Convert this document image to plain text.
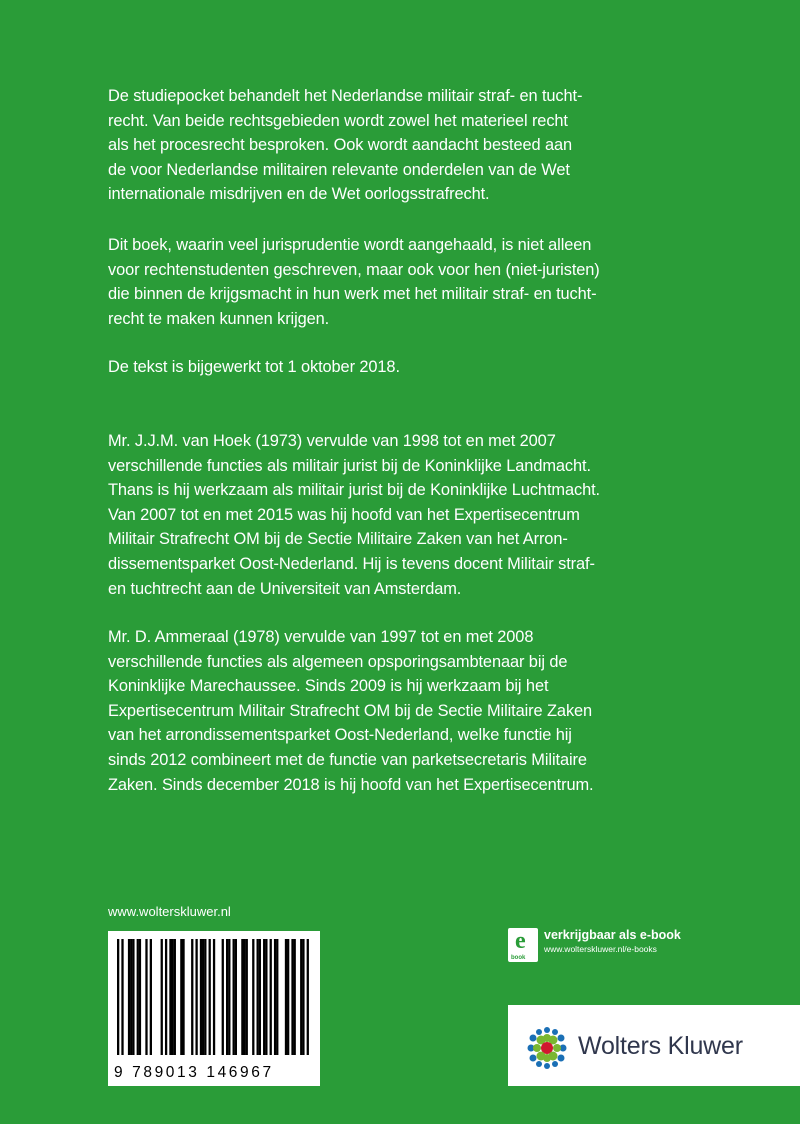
De studiepocket behandelt het Nederlandse militair straf- en tucht-
recht. Van beide rechtsgebieden wordt zowel het materieel recht
als het procesrecht besproken. Ook wordt aandacht besteed aan
de voor Nederlandse militairen relevante onderdelen van de Wet
internationale misdrijven en de Wet oorlogsstrafrecht.

Dit boek, waarin veel jurisprudentie wordt aangehaald, is niet alleen
voor rechtenstudenten geschreven, maar ook voor hen (niet-juristen)
die binnen de krijgsmacht in hun werk met het militair straf- en tucht-
recht te maken kunnen krijgen.

De tekst is bijgewerkt tot 1 oktober 2018.

Mr. J.J.M. van Hoek (1973) vervulde van 1998 tot en met 2007
verschillende functies als militair jurist bij de Koninklijke Landmacht.
Thans is hij werkzaam als militair jurist bij de Koninklijke Luchtmacht.
Van 2007 tot en met 2015 was hij hoofd van het Expertisecentrum
Militair Strafrecht OM bij de Sectie Militaire Zaken van het Arron-
dissementsparket Oost-Nederland. Hij is tevens docent Militair straf-
en tuchtrecht aan de Universiteit van Amsterdam.

Mr. D. Ammeraal (1978) vervulde van 1997 tot en met 2008
verschillende functies als algemeen opsporingsambtenaar bij de
Koninklijke Marechaussee. Sinds 2009 is hij werkzaam bij het
Expertisecentrum Militair Strafrecht OM bij de Sectie Militaire Zaken
van het arrondissementsparket Oost-Nederland, welke functie hij
sinds 2012 combineert met de functie van parketsecretaris Militaire
Zaken. Sinds december 2018 is hij hoofd van het Expertisecentrum.

www.wolterskluwer.nl
9 789013 146967
e
book
verkrijgbaar als e-book
www.wolterskluwer.nl/e-books
Wolters Kluwer
